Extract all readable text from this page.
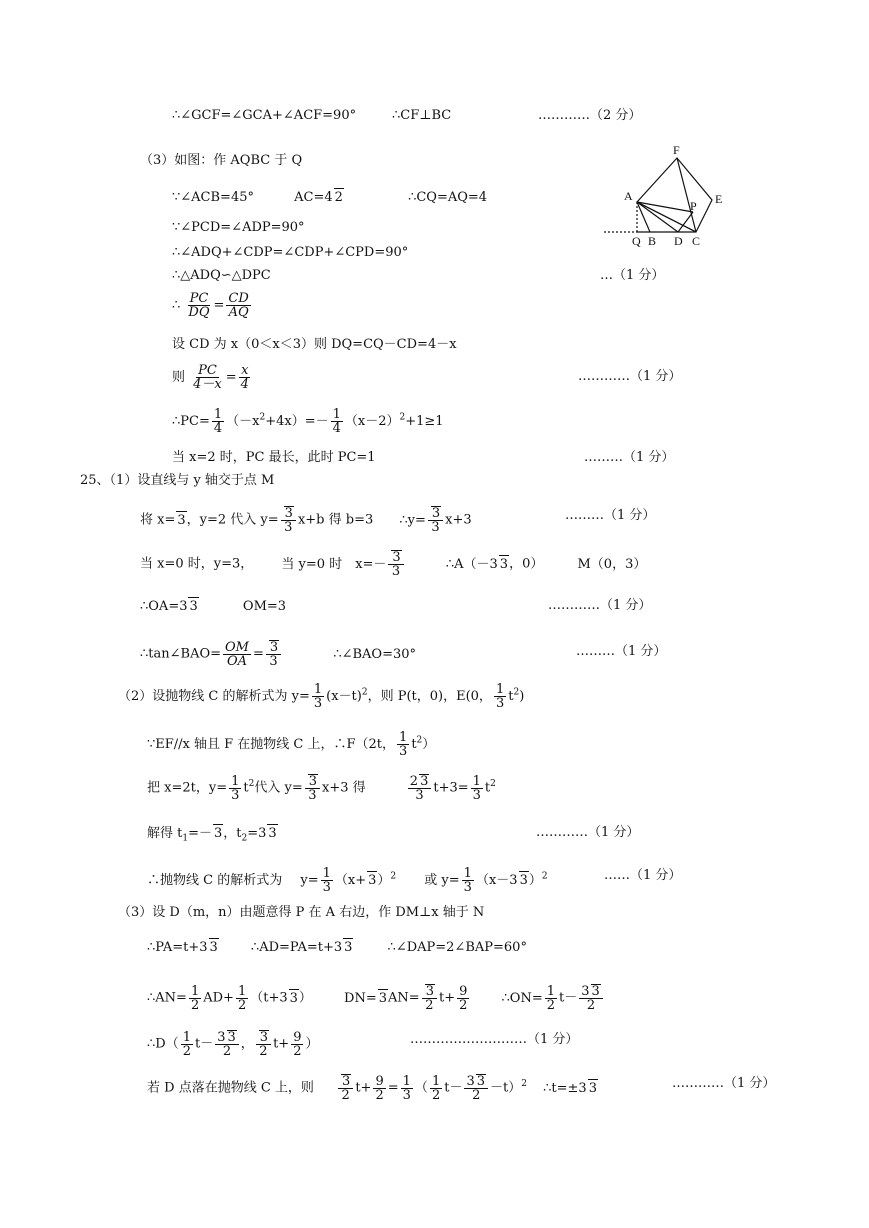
∴∠GCF=∠GCA+∠ACF=90°	∴CF⊥BC	…………（2 分）
（3）如图：作 AQBC 于 Q
∵∠ACB=45°	AC=4 2	∴CQ=AQ=4
∵∠PCD=∠ADP=90°
∴∠ADQ+∠CDP=∠CDP+∠CPD=90°
∴△ADQ∽△DPC	…（1 分）
∴ $\frac{PC}{DQ} = \frac{CD}{AQ}$
设 CD 为 x（0＜x＜3）则 DQ=CQ－CD=4－x
则 $\frac{PC}{4-x} = \frac{x}{4}$	…………（1 分）
∴PC= $\frac{1}{4} (-x^2+4x)=- \frac{1}{4} (x-2)^2+1\ge 1$
当 x=2 时，PC 最长，此时 PC=1	………（1 分）
25、（1）设直线与 y 轴交于点 M
将 x= 3，y=2 代入 $y= \frac{3}{3} x+b$ 得 b=3 ∴y= $\frac{3}{3} x+3$	………（1 分）
当 x=0 时，y=3， 当 y=0 时　$x=- \frac{3}{3}$	∴A（－3 3，0）	M（0，3）
∴OA=3 3	OM=3	…………（1 分）
∴tan∠BAO= $\frac{OM}{OA} = \frac{3}{3}$	∴∠BAO=30°	………（1 分）
（2）设抛物线 C 的解析式为 $y= \frac{1}{3} (x-t)^2$，则 P(t，0)，E(0， $\frac{1}{3} t^2$)
∵EF//x 轴且 F 在抛物线 C 上，∴F（2t， $\frac{1}{3} t^2$）
把 x=2t，$y= \frac{1}{3} t^2$代入 $y= \frac{3}{3} x+3$ 得	$\frac{2 3}{3} t+3= \frac{1}{3} t^2$
解得 $t_1=- 3$，$t_2=3$ 3	…………（1 分）
∴抛物线 C 的解析式为 $y= \frac{1}{3} (x+ 3)^2$ 或 $y= \frac{1}{3} (x-3$ 3）$^2$	……（1 分）
（3）设 D（m，n）由题意得 P 在 A 右边，作 DM⊥x 轴于 N
∴PA=t+3 3	∴AD=PA=t+3 3	∴∠DAP=2∠BAP=60°
∴AN= $\frac{1}{2} AD+ \frac{1}{2} (t+3$ 3） $DN= 3AN= \frac{3}{2} t+ \frac{9}{2}$ ∴ON= $\frac{1}{2} t- \frac{3 3}{2}$
∴D（ $\frac{1}{2} t- \frac{3 3}{2}$ ， $\frac{3}{2} t+ \frac{9}{2}$ ）	………………………（1 分）
若 D 点落在抛物线 C 上，则 $\frac{3}{2} t+ \frac{9}{2} = \frac{1}{3}$ （ $\frac{1}{2} t- \frac{3 3}{2} -t)^2$ ∴t=±3 3	…………（1 分）
F
A	E
P
Q B D C
